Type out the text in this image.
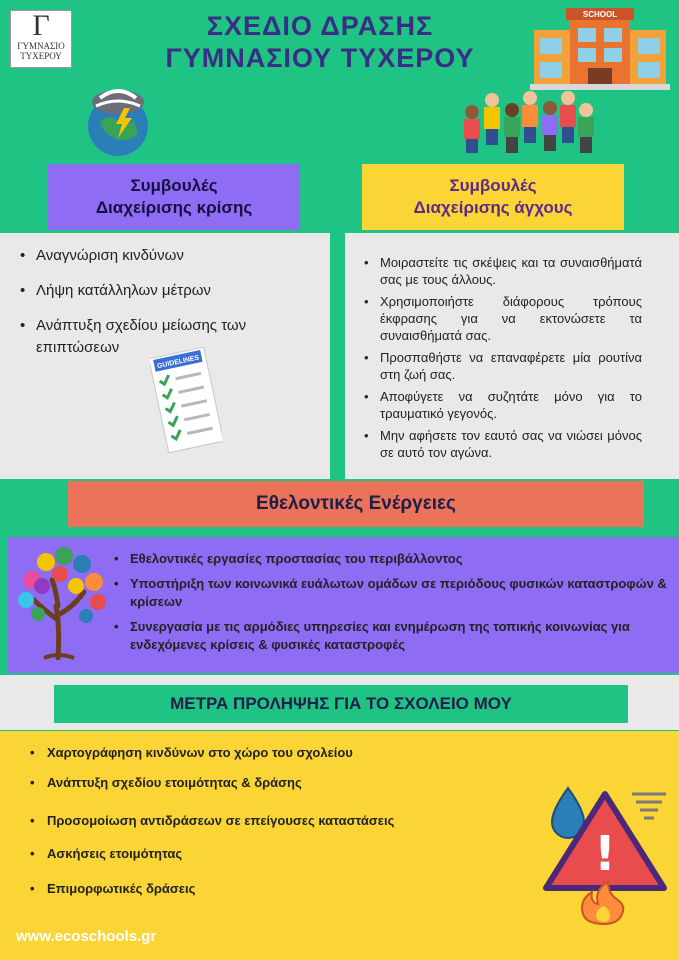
Γ
ΓΥΜΝΑΣΙΟ
ΤΥΧΕΡΟΥ
ΣΧΕΔΙΟ ΔΡΑΣΗΣ
ΓΥΜΝΑΣΙΟΥ ΤΥΧΕΡΟΥ
SCHOOL
Συμβουλές
Διαχείρισης κρίσης
Συμβουλές
Διαχείρισης άγχους
• Αναγνώριση κινδύνων
• Λήψη κατάλληλων μέτρων
• Ανάπτυξη σχεδίου μείωσης των επιπτώσεων
GUIDELINES
• Μοιραστείτε τις σκέψεις και τα συναισθήματά σας με τους άλλους.
• Χρησιμοποιήστε διάφορους τρόπους έκφρασης για να εκτονώσετε τα συναισθήματά σας.
• Προσπαθήστε να επαναφέρετε μία ρουτίνα στη ζωή σας.
• Αποφύγετε να συζητάτε μόνο για το τραυματικό γεγονός.
• Μην αφήσετε τον εαυτό σας να νιώσει μόνος σε αυτό τον αγώνα.
Εθελοντικές Ενέργειες
• Εθελοντικές εργασίες προστασίας του περιβάλλοντος
• Υποστήριξη των κοινωνικά ευάλωτων ομάδων σε περιόδους φυσικών καταστροφών & κρίσεων
• Συνεργασία με τις αρμόδιες υπηρεσίες και ενημέρωση της τοπικής κοινωνίας για ενδεχόμενες κρίσεις & φυσικές καταστροφές
ΜΕΤΡΑ ΠΡΟΛΗΨΗΣ ΓΙΑ ΤΟ ΣΧΟΛΕΙΟ ΜΟΥ
• Χαρτογράφηση κινδύνων στο χώρο του σχολείου
• Ανάπτυξη σχεδίου ετοιμότητας & δράσης
• Προσομοίωση αντιδράσεων σε επείγουσες καταστάσεις
• Ασκήσεις ετοιμότητας
• Επιμορφωτικές δράσεις
!
www.ecoschools.gr
